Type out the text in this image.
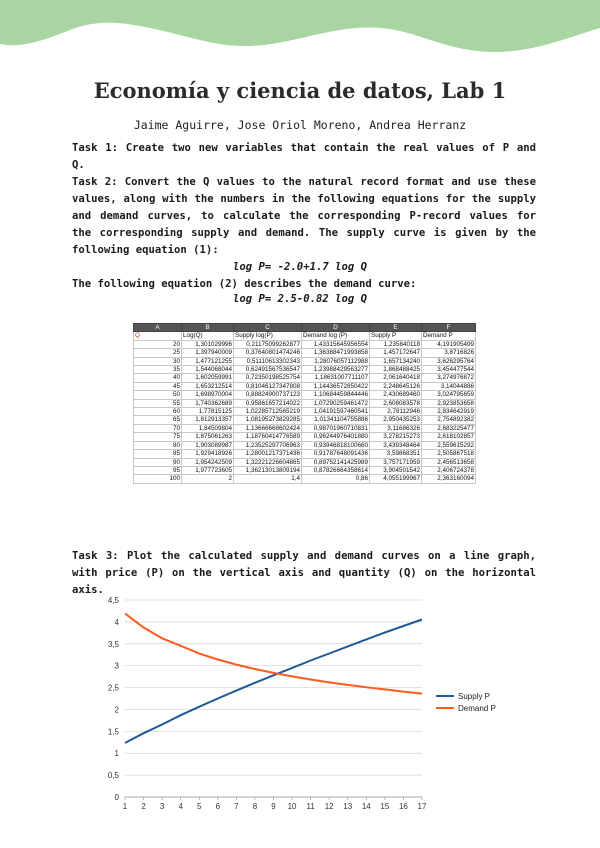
Economía y ciencia de datos, Lab 1
Jaime Aguirre, Jose Oriol Moreno, Andrea Herranz
Task 1: Create two new variables that contain the real values of P and Q.
Task 2: Convert the Q values to the natural record format and use these values, along with the numbers in the following equations for the supply and demand curves, to calculate the corresponding P-record values for the corresponding supply and demand. The supply curve is given by the following equation (1):
log P= -2.0+1.7 log Q
The following equation (2) describes the demand curve:
log P= 2.5-0.82 log Q
A	B	C	D	E	F
Q	Log(Q)	Supply log(P)	Demand log (P)	Supply P	Demand P
20	1,301029996	0,21175099262877	1,43315645956554	1,235840118	4,191905499
25	1,397940009	0,37640801474246	1,36388471993858	1,457172647	3,8716826
30	1,477121255	0,51110613302343	1,28076057112988	1,657134240	3,626295764
35	1,544068044	0,62491567536547	1,23988429563277	1,868488425	3,454477544
40	1,602059991	0,72350198525754	1,18631007711107	2,061640418	3,274976872
45	1,653212514	0,81046127347808	1,14436572850422	2,248645126	3,14044886
50	1,698970004	0,88824900737123	1,10684459844446	2,430689460	3,024795659
55	1,740362689	0,95861657214022	1,07290259461472	2,608083578	2,923853658
60	1,77815125	1,02285712565219	1,04191597460541	2,78112946	2,834642919
65	1,812913357	1,08195273829285	1,01341104755886	2,950435253	2,754892382
70	1,84509804	1,13666668602424	0,98701960710831	3,11686326	2,683225477
75	1,875061263	1,18760414776589	0,96244976401880	3,278215273	2,618102857
80	1,903089987	1,23525297706963	0,93946818100660	3,439348464	2,559615292
85	1,929418926	1,28001217371436	0,91787648091436	3,59868351	2,505867518
90	1,954242509	1,32221226604865	0,89752141425989	3,757171959	2,456513658
95	1,977723605	1,36213013809194	0,87826664358614	3,904501542	2,406724378
100	2	1,4	0,86	4,055199967	2,363160094
Task 3: Plot the calculated supply and demand curves on a line graph, with price (P) on the vertical axis and quantity (Q) on the horizontal axis.
0
0,5
1
1,5
2
2,5
3
3,5
4
4,5
1 2 3 4 5 6 7 8 9 10 11 12 13 14 15 16 17
Supply P
Demand P
